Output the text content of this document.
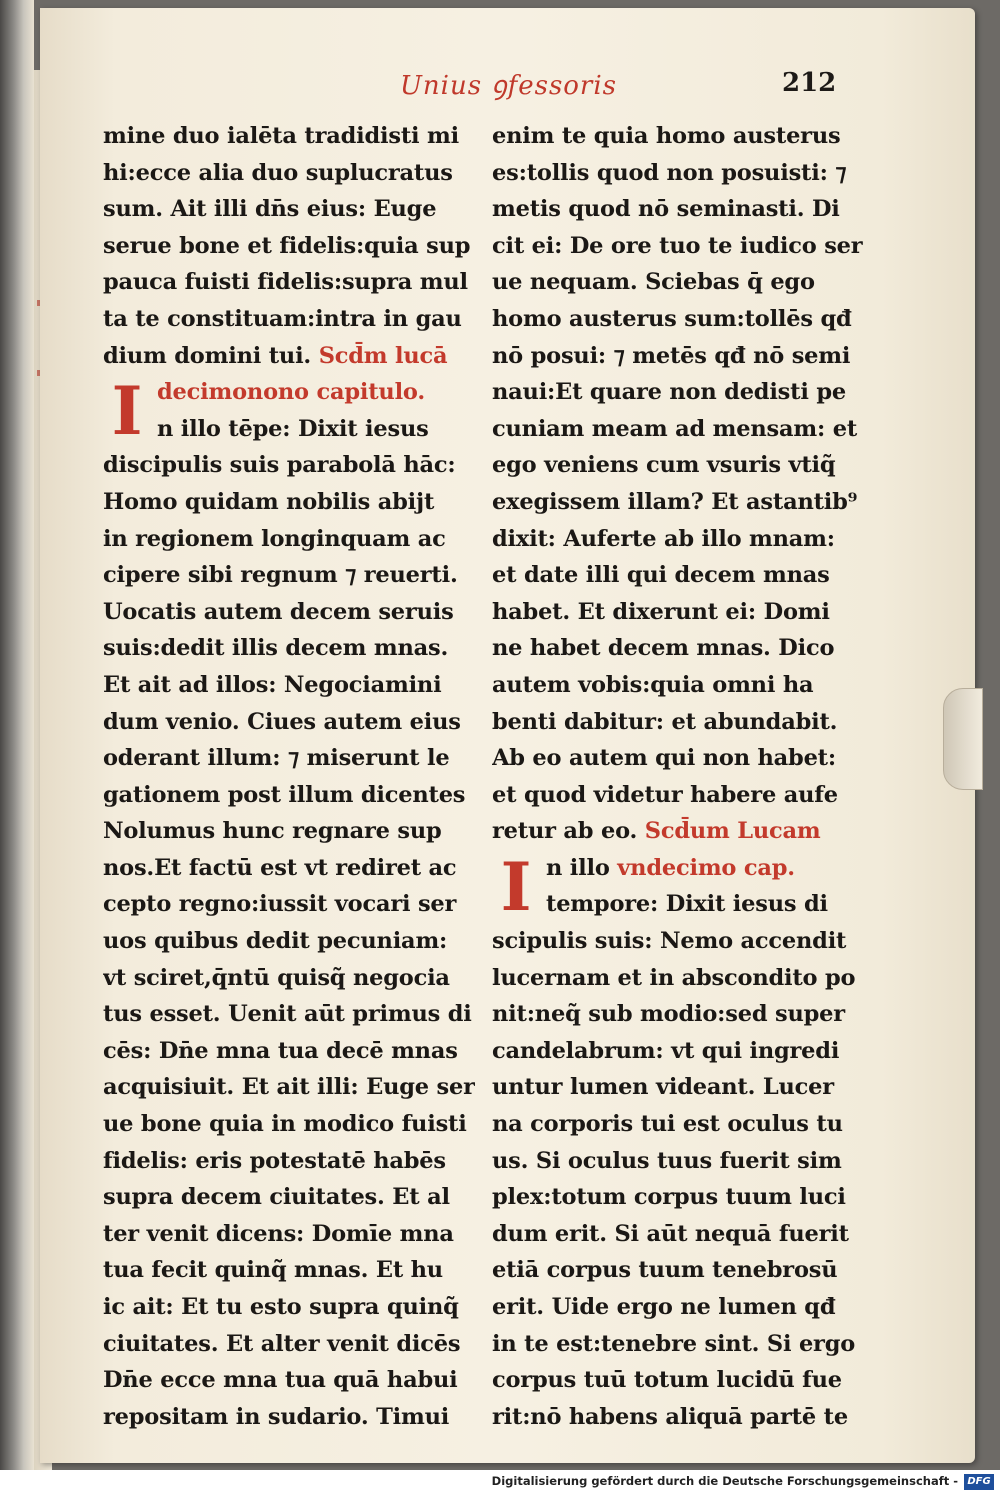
Unius ꝯfessoris	212
mine duo ialēta tradidisti mi
hi:ecce alia duo suplucratus
sum. Ait illi dn̄s eius: Euge
serue bone et fidelis:quia sup
pauca fuisti fidelis:supra mul
ta te constituam:intra in gau
dium domini tui. Scd̄m lucā
I decimonono capitulo.
n illo tēpe: Dixit iesus
discipulis suis parabolā hāc:
Homo quidam nobilis abijt
in regionem longinquam ac
cipere sibi regnum ⁊ reuerti.
Uocatis autem decem seruis
suis:dedit illis decem mnas.
Et ait ad illos: Negociamini
dum venio. Ciues autem eius
oderant illum: ⁊ miserunt le
gationem post illum dicentes
Nolumus hunc regnare sup
nos.Et factū est vt rediret ac
cepto regno:iussit vocari ser
uos quibus dedit pecuniam:
vt sciret,q̄ntū quisq̃ negocia
tus esset. Uenit aūt primus di
cēs: Dn̄e mna tua decē mnas
acquisiuit. Et ait illi: Euge ser
ue bone quia in modico fuisti
fidelis: eris potestatē habēs
supra decem ciuitates. Et al
ter venit dicens: Domīe mna
tua fecit quinq̃ mnas. Et hu
ic ait: Et tu esto supra quinq̃
ciuitates. Et alter venit dicēs
Dn̄e ecce mna tua quā habui
repositam in sudario. Timui
enim te quia homo austerus
es:tollis quod non posuisti: ⁊
metis quod nō seminasti. Di
cit ei: De ore tuo te iudico ser
ue nequam. Sciebas q̄ ego
homo austerus sum:tollēs qđ
nō posui: ⁊ metēs qđ nō semi
naui:Et quare non dedisti pe
cuniam meam ad mensam: et
ego veniens cum vsuris vtiq̃
exegissem illam? Et astantib⁹
dixit: Auferte ab illo mnam:
et date illi qui decem mnas
habet. Et dixerunt ei: Domi
ne habet decem mnas. Dico
autem vobis:quia omni ha
benti dabitur: et abundabit.
Ab eo autem qui non habet:
et quod videtur habere aufe
retur ab eo. Scd̄um Lucam
I n illo vndecimo cap.
tempore: Dixit iesus di
scipulis suis: Nemo accendit
lucernam et in abscondito po
nit:neq̃ sub modio:sed super
candelabrum: vt qui ingredi
untur lumen videant. Lucer
na corporis tui est oculus tu
us. Si oculus tuus fuerit sim
plex:totum corpus tuum luci
dum erit. Si aūt nequā fuerit
etiā corpus tuum tenebrosū
erit. Uide ergo ne lumen qđ
in te est:tenebre sint. Si ergo
corpus tuū totum lucidū fue
rit:nō habens aliquā partē te
Digitalisierung gefördert durch die Deutsche Forschungsgemeinschaft - DFG
